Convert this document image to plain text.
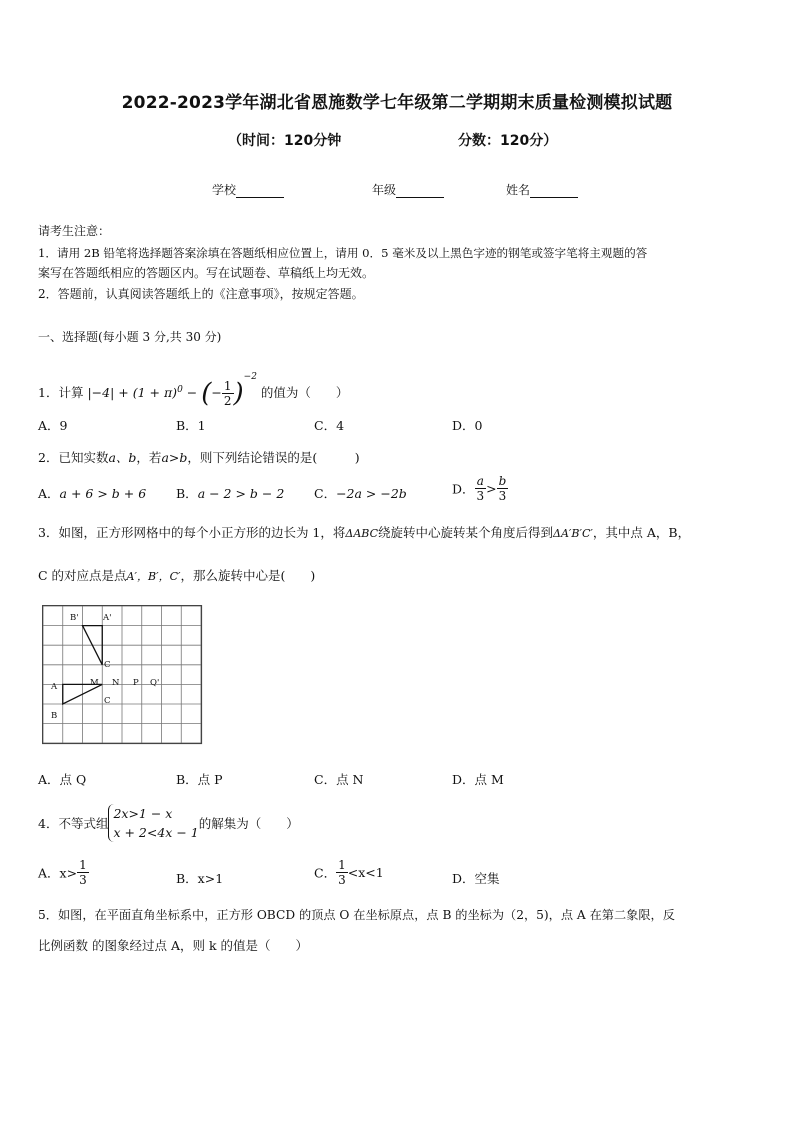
2022-2023学年湖北省恩施数学七年级第二学期期末质量检测模拟试题
（时间：120分钟	分数：120分）
学校	年级	姓名
请考生注意：
1．请用 2B 铅笔将选择题答案涂填在答题纸相应位置上，请用 0．5 毫米及以上黑色字迹的钢笔或签字笔将主观题的答
案写在答题纸相应的答题区内。写在试题卷、草稿纸上均无效。
2．答题前，认真阅读答题纸上的《注意事项》，按规定答题。
一、选择题(每小题 3 分,共 30 分)
1．计算 $|-4| + (1 + \pi)^0$ − (− $\frac{1}{2} )^{-2}$ 的值为（　　）
A．9	B．1	C．4	D．0
2．已知实数a、b，若a>b，则下列结论错误的是(　　　)
A．a + 6 > b + 6 B．a − 2 > b − 2 C．−2a > −2b	D． $\frac{a}{3} > \frac{b}{3}$
3．如图，正方形网格中的每个小正方形的边长为 1，将ΔABC绕旋转中心旋转某个角度后得到ΔA′B′C′，其中点 A，B，
C 的对应点是点A′，B′，C′，那么旋转中心是(　　)
B'	A'
C
A	M N P Q'
C
B
A．点 Q	B．点 P	C．点 N	D．点 M
4．不等式组
2x>1 − x
x + 2<4x − 1
的解集为（　　）
A．$x> \frac{1}{3}$	B．x>1	C． $\frac{1}{3} <x<1$	D．空集
5．如图，在平面直角坐标系中，正方形 OBCD 的顶点 O 在坐标原点，点 B 的坐标为（2，5)，点 A 在第二象限，反
比例函数 的图象经过点 A，则 k 的值是（　　）
